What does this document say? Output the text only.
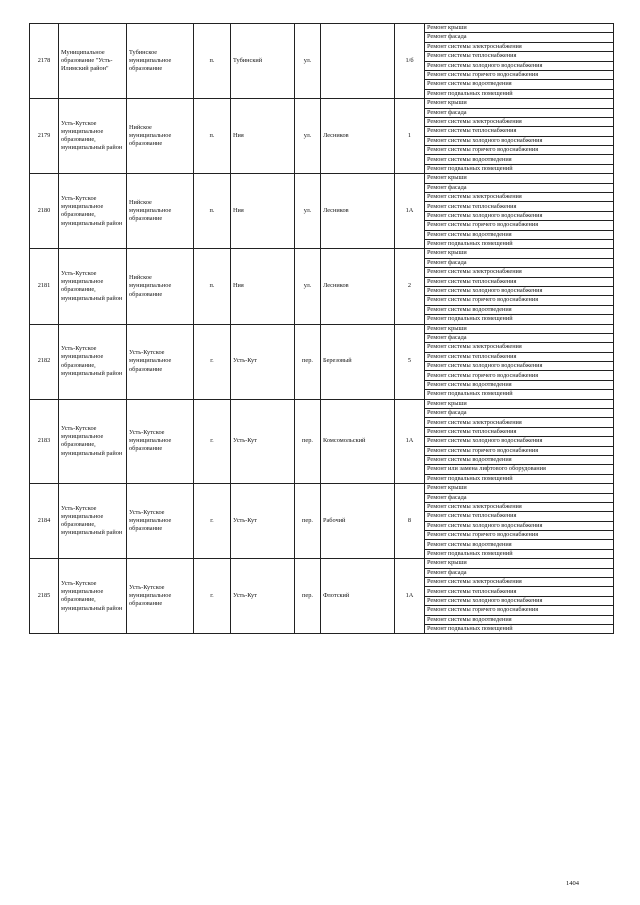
2178	Муниципальное образование "Усть-Илимский район"	Тубинское муниципальное образование	п.	Тубинский	ул.		1/б	Ремонт крыши
								Ремонт фасада
								Ремонт системы электроснабжения
								Ремонт системы теплоснабжения
								Ремонт системы холодного водоснабжения
								Ремонт системы горячего водоснабжения
								Ремонт системы водоотведения
								Ремонт подвальных помещений
2179	Усть-Кутское муниципальное образование, муниципальный район	Нийское муниципальное образование	п.	Ния	ул.	Лесников	1	Ремонт крыши
								Ремонт фасада
								Ремонт системы электроснабжения
								Ремонт системы теплоснабжения
								Ремонт системы холодного водоснабжения
								Ремонт системы горячего водоснабжения
								Ремонт системы водоотведения
								Ремонт подвальных помещений
2180	Усть-Кутское муниципальное образование, муниципальный район	Нийское муниципальное образование	п.	Ния	ул.	Лесников	1А	Ремонт крыши
								Ремонт фасада
								Ремонт системы электроснабжения
								Ремонт системы теплоснабжения
								Ремонт системы холодного водоснабжения
								Ремонт системы горячего водоснабжения
								Ремонт системы водоотведения
								Ремонт подвальных помещений
2181	Усть-Кутское муниципальное образование, муниципальный район	Нийское муниципальное образование	п.	Ния	ул.	Лесников	2	Ремонт крыши
								Ремонт фасада
								Ремонт системы электроснабжения
								Ремонт системы теплоснабжения
								Ремонт системы холодного водоснабжения
								Ремонт системы горячего водоснабжения
								Ремонт системы водоотведения
								Ремонт подвальных помещений
2182	Усть-Кутское муниципальное образование, муниципальный район	Усть-Кутское муниципальное образование	г.	Усть-Кут	пер.	Березовый	5	Ремонт крыши
								Ремонт фасада
								Ремонт системы электроснабжения
								Ремонт системы теплоснабжения
								Ремонт системы холодного водоснабжения
								Ремонт системы горячего водоснабжения
								Ремонт системы водоотведения
								Ремонт подвальных помещений
2183	Усть-Кутское муниципальное образование, муниципальный район	Усть-Кутское муниципальное образование	г.	Усть-Кут	пер.	Комсомольский	1А	Ремонт крыши
								Ремонт фасада
								Ремонт системы электроснабжения
								Ремонт системы теплоснабжения
								Ремонт системы холодного водоснабжения
								Ремонт системы горячего водоснабжения
								Ремонт системы водоотведения
								Ремонт или замена лифтового оборудования
								Ремонт подвальных помещений
2184	Усть-Кутское муниципальное образование, муниципальный район	Усть-Кутское муниципальное образование	г.	Усть-Кут	пер.	Рабочий	8	Ремонт крыши
								Ремонт фасада
								Ремонт системы электроснабжения
								Ремонт системы теплоснабжения
								Ремонт системы холодного водоснабжения
								Ремонт системы горячего водоснабжения
								Ремонт системы водоотведения
								Ремонт подвальных помещений
2185	Усть-Кутское муниципальное образование, муниципальный район	Усть-Кутское муниципальное образование	г.	Усть-Кут	пер.	Флотский	1А	Ремонт крыши
								Ремонт фасада
								Ремонт системы электроснабжения
								Ремонт системы теплоснабжения
								Ремонт системы холодного водоснабжения
								Ремонт системы горячего водоснабжения
								Ремонт системы водоотведения
								Ремонт подвальных помещений
1404
